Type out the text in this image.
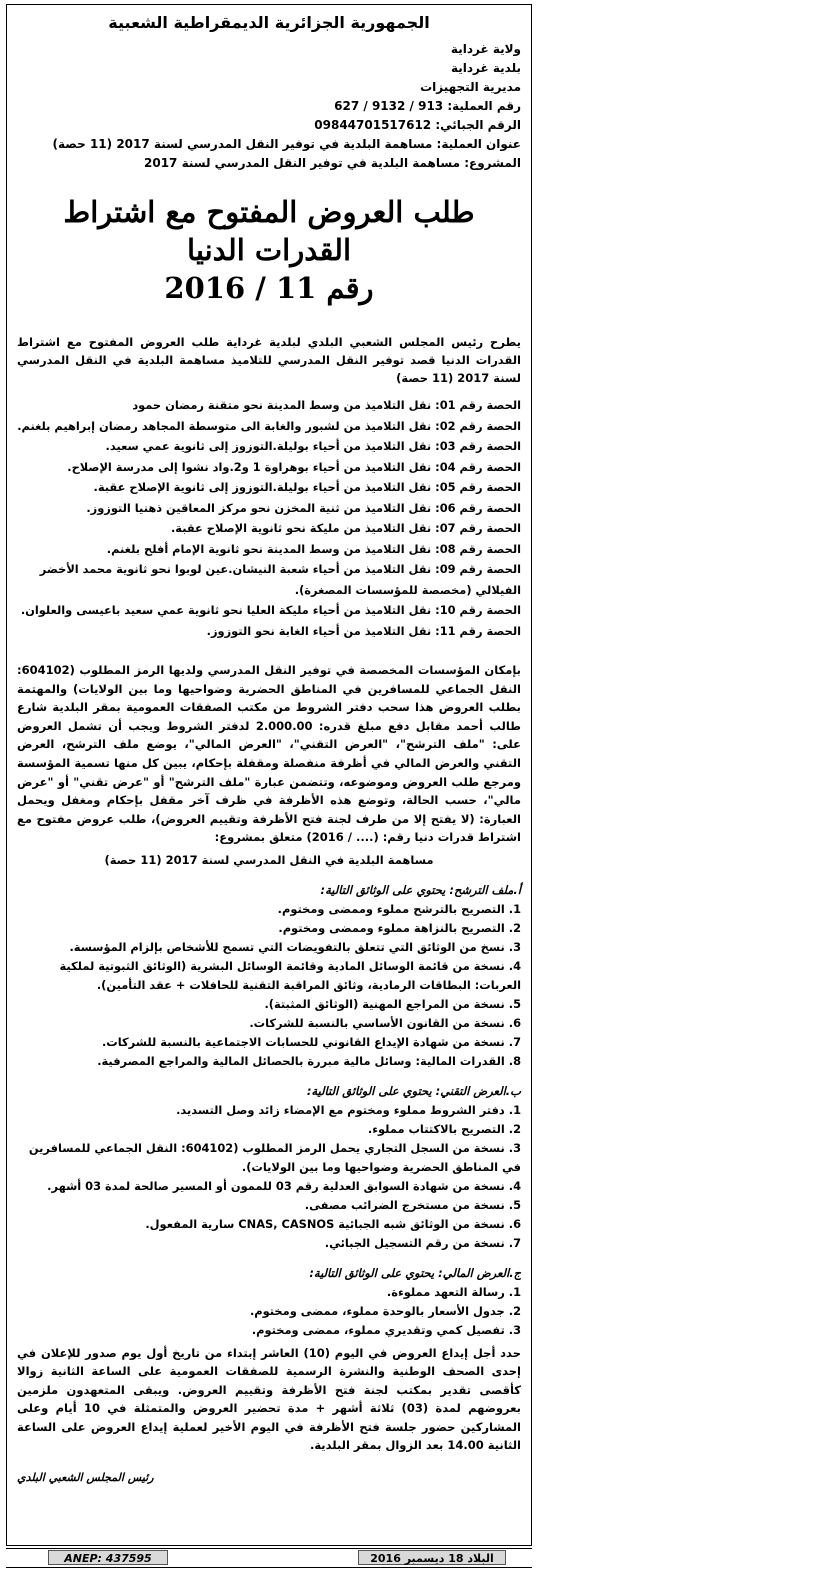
الجمهورية الجزائرية الديمقراطية الشعبية
ولاية غرداية
بلدية غرداية
مديرية التجهيزات
رقم العملية: 913 / 9132 / 627
الرقم الجبائي: 09844701517612
عنوان العملية: مساهمة البلدية في توفير النقل المدرسي لسنة 2017 (11 حصة)
المشروع: مساهمة البلدية في توفير النقل المدرسي لسنة 2017
طلب العروض المفتوح مع اشتراط القدرات الدنيا
رقم 11 / 2016
يطرح رئيس المجلس الشعبي البلدي لبلدية غرداية طلب العروض المفتوح مع اشتراط القدرات الدنيا قصد توفير النقل المدرسي للتلاميذ مساهمة البلدية في النقل المدرسي لسنة 2017 (11 حصة)
الحصة رقم 01: نقل التلاميذ من وسط المدينة نحو متقنة رمضان حمود
الحصة رقم 02: نقل التلاميذ من لشبور والغابة الى متوسطة المجاهد رمضان إبراهيم بلغنم.
الحصة رقم 03: نقل التلاميذ من أحياء بوليلة.التوزوز إلى ثانوية عمي سعيد.
الحصة رقم 04: نقل التلاميذ من أحياء بوهراوة 1 و2.واد نشوا إلى مدرسة الإصلاح.
الحصة رقم 05: نقل التلاميذ من أحياء بوليلة.التوزوز إلى ثانوية الإصلاح عقبة.
الحصة رقم 06: نقل التلاميذ من ثنية المخزن نحو مركز المعاقين ذهنيا التوزوز.
الحصة رقم 07: نقل التلاميذ من مليكة نحو ثانوية الإصلاح عقبة.
الحصة رقم 08: نقل التلاميذ من وسط المدينة نحو ثانوية الإمام أفلح بلغنم.
الحصة رقم 09: نقل التلاميذ من أحياء شعبة النيشان.عين لوبوا نحو ثانوية محمد الأخضر الفيلالي (مخصصة للمؤسسات المصغرة).
الحصة رقم 10: نقل التلاميذ من أحياء مليكة العليا نحو ثانوية عمي سعيد باعيسى والعلوان.
الحصة رقم 11: نقل التلاميذ من أحياء الغابة نحو التوزوز.
بإمكان المؤسسات المخصصة في توفير النقل المدرسي ولديها الرمز المطلوب (604102: النقل الجماعي للمسافرين في المناطق الحضرية وضواحيها وما بين الولايات) والمهتمة بطلب العروض هذا سحب دفتر الشروط من مكتب الصفقات العمومية بمقر البلدية شارع طالب أحمد مقابل دفع مبلغ قدره: 2.000.00 لدفتر الشروط ويجب أن تشمل العروض على: "ملف الترشح"، "العرض التقني"، "العرض المالي"، يوضع ملف الترشح، العرض التقني والعرض المالي في أظرفة منفصلة ومقفلة بإحكام، يبين كل منها تسمية المؤسسة ومرجع طلب العروض وموضوعه، وتتضمن عبارة "ملف الترشح" أو "عرض تقني" أو "عرض مالي"، حسب الحالة، وتوضع هذه الأظرفة في ظرف آخر مقفل بإحكام ومغفل ويحمل العبارة: (لا يفتح إلا من طرف لجنة فتح الأظرفة وتقييم العروض)، طلب عروض مفتوح مع اشتراط قدرات دنيا رقم: (.... / 2016) متعلق بمشروع:
مساهمة البلدية في النقل المدرسي لسنة 2017 (11 حصة)
أ.ملف الترشح: يحتوي على الوثائق التالية:
1. التصريح بالترشح مملوء وممضى ومختوم.
2. التصريح بالنزاهة مملوء وممضى ومختوم.
3. نسخ من الوثائق التي تتعلق بالتفويضات التي تسمح للأشخاص بإلزام المؤسسة.
4. نسخة من قائمة الوسائل المادية وقائمة الوسائل البشرية (الوثائق الثبوتية لملكية العربات: البطاقات الرمادية، وثائق المراقبة التقنية للحافلات + عقد التأمين).
5. نسخة من المراجع المهنية (الوثائق المثبتة).
6. نسخة من القانون الأساسي بالنسبة للشركات.
7. نسخة من شهادة الإيداع القانوني للحسابات الاجتماعية بالنسبة للشركات.
8. القدرات المالية: وسائل مالية مبررة بالحصائل المالية والمراجع المصرفية.
ب.العرض التقني: يحتوي على الوثائق التالية:
1. دفتر الشروط مملوء ومختوم مع الإمضاء زائد وصل التسديد.
2. التصريح بالاكتتاب مملوء.
3. نسخة من السجل التجاري يحمل الرمز المطلوب (604102: النقل الجماعي للمسافرين في المناطق الحضرية وضواحيها وما بين الولايات).
4. نسخة من شهادة السوابق العدلية رقم 03 للممون أو المسير صالحة لمدة 03 أشهر.
5. نسخة من مستخرج الضرائب مصفى.
6. نسخة من الوثائق شبه الجبائية CNAS, CASNOS سارية المفعول.
7. نسخة من رقم التسجيل الجبائي.
ج.العرض المالي: يحتوي على الوثائق التالية:
1. رسالة التعهد مملوءة.
2. جدول الأسعار بالوحدة مملوء، ممضى ومختوم.
3. تفصيل كمي وتقديري مملوء، ممضى ومختوم.
حدد أجل إيداع العروض في اليوم (10) العاشر إبتداء من تاريخ أول يوم صدور للإعلان في إحدى الصحف الوطنية والنشرة الرسمية للصفقات العمومية على الساعة الثانية زوالا كأقصى تقدير بمكتب لجنة فتح الأظرفة وتقييم العروض. ويبقى المتعهدون ملزمين بعروضهم لمدة (03) ثلاثة أشهر + مدة تحضير العروض والمتمثلة في 10 أيام وعلى المشاركين حضور جلسة فتح الأظرفة في اليوم الأخير لعملية إيداع العروض على الساعة الثانية 14.00 بعد الزوال بمقر البلدية.
رئيس المجلس الشعبي البلدي
ANEP: 437595	البلاد 18 ديسمبر 2016
